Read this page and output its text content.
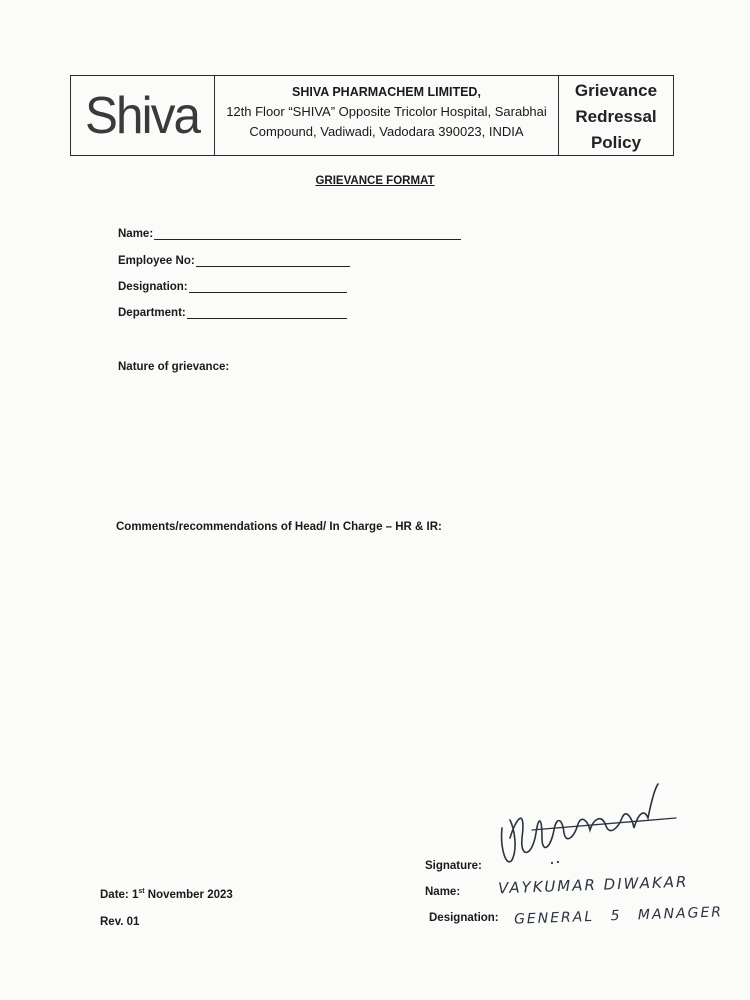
Shiva	SHIVA PHARMACHEM LIMITED,
12th Floor “SHIVA” Opposite Tricolor Hospital, Sarabhai
Compound, Vadiwadi, Vadodara 390023, INDIA
Grievance
Redressal
Policy
GRIEVANCE FORMAT
Name:
Employee No:
Designation:
Department:
Nature of grievance:
Comments/recommendations of Head/ In Charge – HR & IR:
Signature:
Name:
Designation:
VAYKUMAR DIWAKAR
GENERAL 5 MANAGER
Date: 1st November 2023
Rev. 01
